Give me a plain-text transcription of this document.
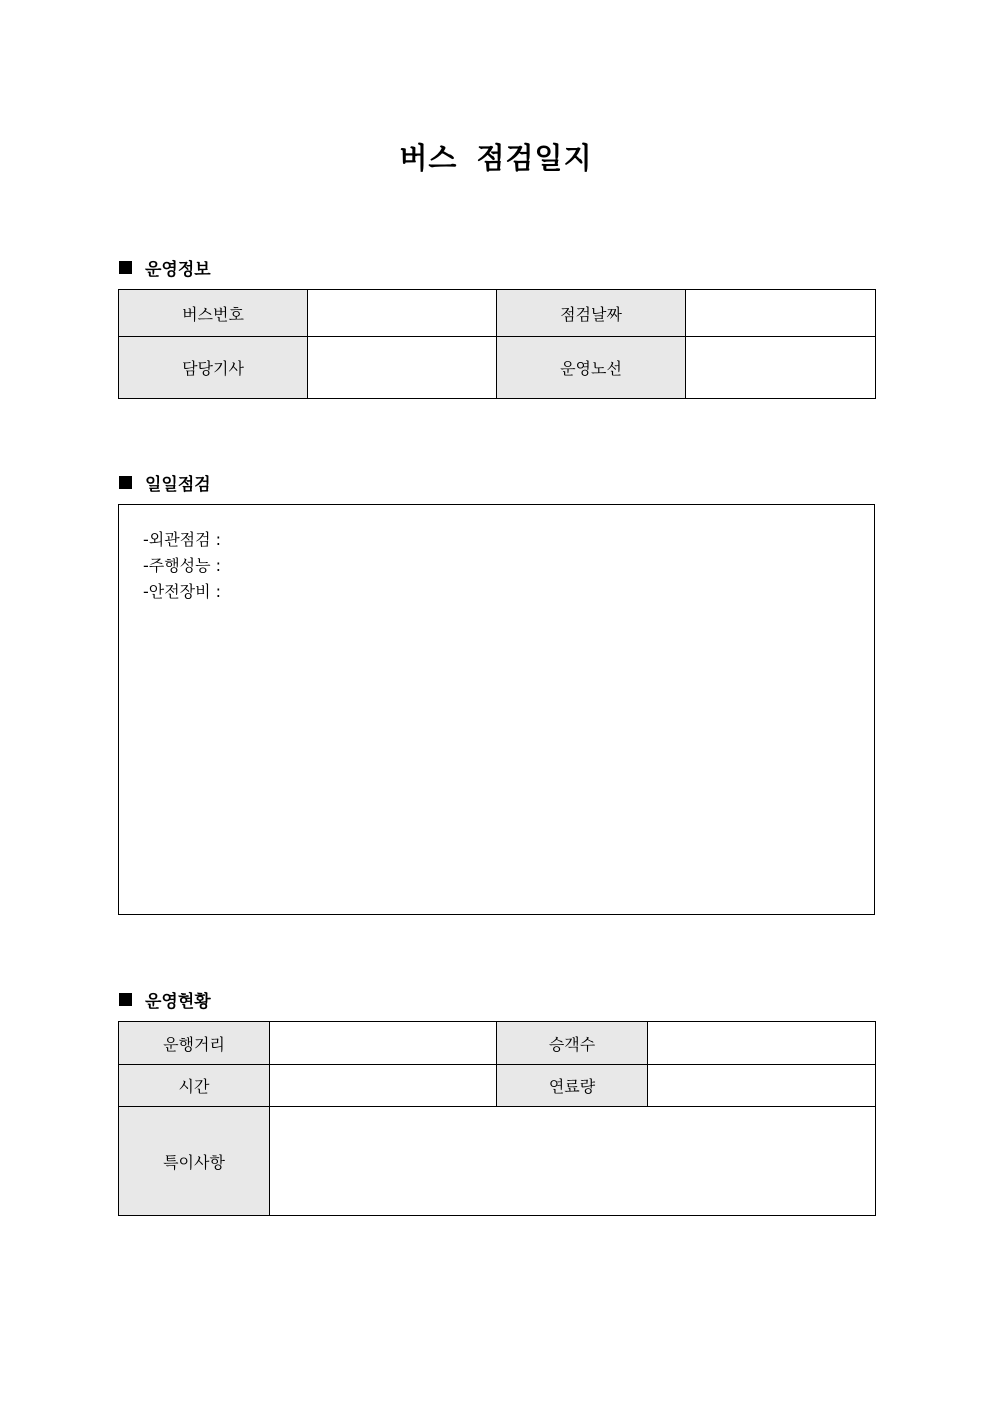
버스 점검일지
운영정보
버스번호		점검날짜	
담당기사		운영노선	
일일점검
-외관점검 :
-주행성능 :
-안전장비 :
운영현황
운행거리		승객수	
시간		연료량	
특이사항			
